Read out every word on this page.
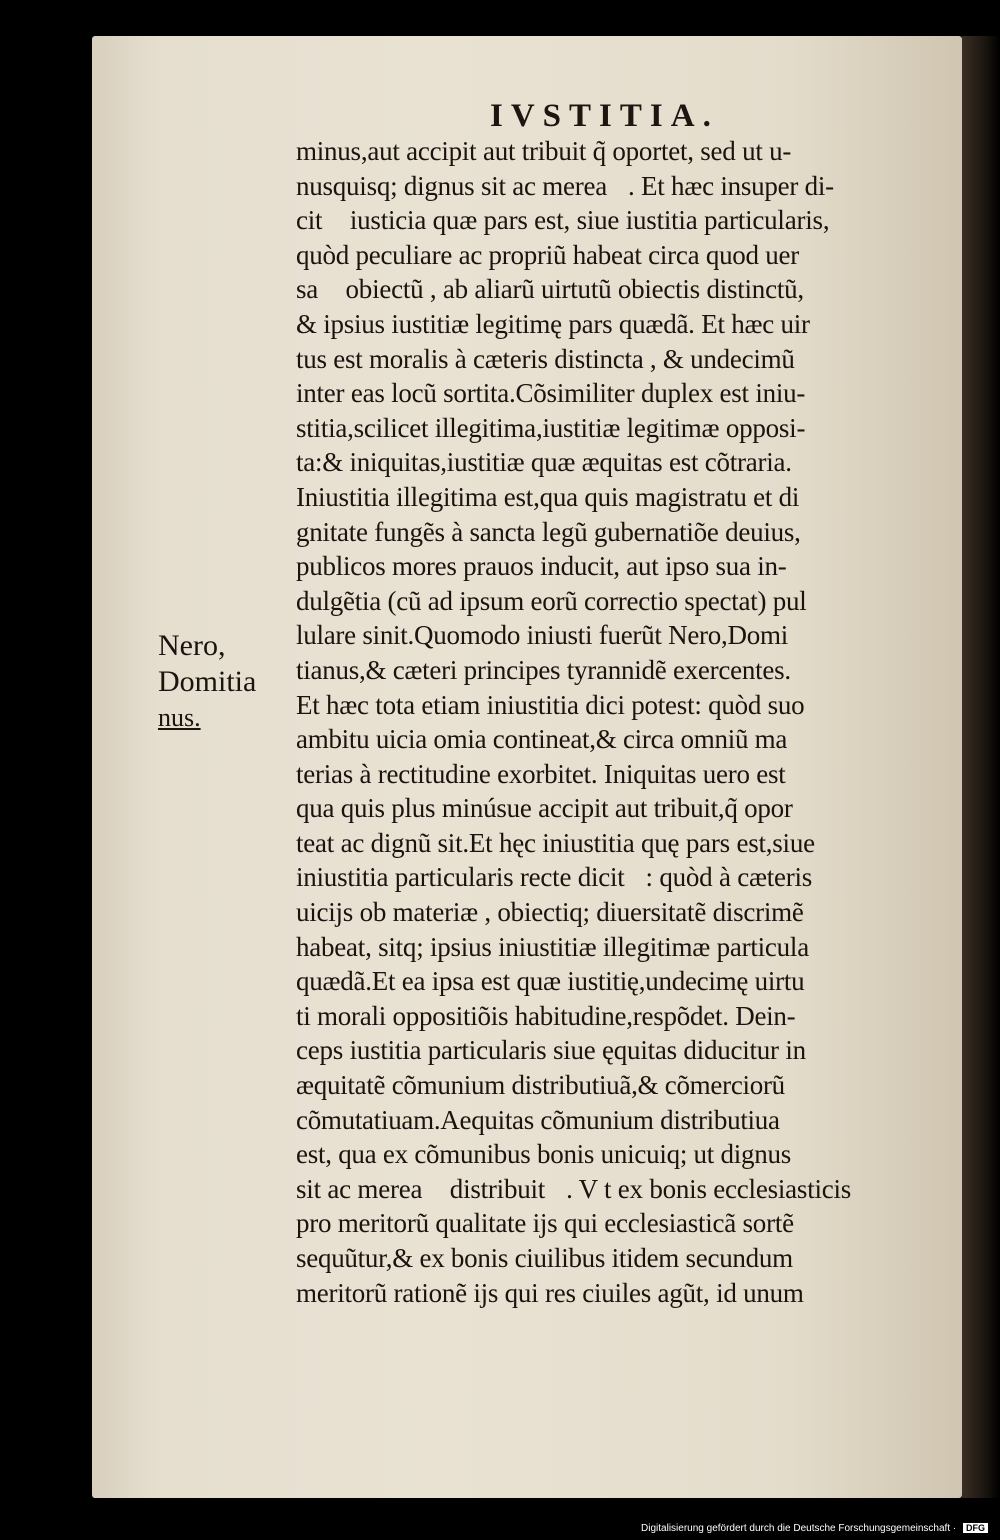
IVSTITIA.
minus,aut accipit aut tribuit q̃ oportet, sed ut u-
nusquisq; dignus sit ac mereaᷤ. Et hæc insuper di-
citᷤ iusticia quæ pars est, siue iustitia particularis,
quòd peculiare ac propriũ habeat circa quod uer
saᷤ obiectũ , ab aliarũ uirtutũ obiectis distinctũ,
& ipsius iustitiæ legitimę pars quædã. Et hæc uir
tus est moralis à cæteris distincta , & undecimũ
inter eas locũ sortita.Cõsimiliter duplex est iniu-
stitia,scilicet illegitima,iustitiæ legitimæ opposi-
ta:& iniquitas,iustitiæ quæ æquitas est cõtraria.
Iniustitia illegitima est,qua quis magistratu et di
gnitate fungẽs à sancta legũ gubernatiõe deuius,
publicos mores prauos inducit, aut ipso sua in-
dulgẽtia (cũ ad ipsum eorũ correctio spectat) pul
lulare sinit.Quomodo iniusti fuerũt Nero,Domi
tianus,& cæteri principes tyrannidẽ exercentes.
Et hæc tota etiam iniustitia dici potest: quòd suo
ambitu uicia omia contineat,& circa omniũ ma
terias à rectitudine exorbitet. Iniquitas uero est
qua quis plus minúsue accipit aut tribuit,q̃ opor
teat ac dignũ sit.Et hęc iniustitia quę pars est,siue
iniustitia particularis recte dicitᷤ: quòd à cæteris
uicijs ob materiæ , obiectiq; diuersitatẽ discrimẽ
habeat, sitq; ipsius iniustitiæ illegitimæ particula
quædã.Et ea ipsa est quæ iustitię,undecimę uirtu
ti morali oppositiõis habitudine,respõdet. Dein-
ceps iustitia particularis siue ęquitas diducitur in
æquitatẽ cõmunium distributiuã,& cõmerciorũ
cõmutatiuam.Aequitas cõmunium distributiua
est, qua ex cõmunibus bonis unicuiq; ut dignus
sit ac mereaᷤ distribuitᷤ. V t ex bonis ecclesiasticis
pro meritorũ qualitate ijs qui ecclesiasticã sortẽ
sequũtur,& ex bonis ciuilibus itidem secundum
meritorũ rationẽ ijs qui res ciuiles agũt, id unum
Nero,
Domitia
nus.
Digitalisierung gefördert durch die Deutsche Forschungsgemeinschaft · DFG
